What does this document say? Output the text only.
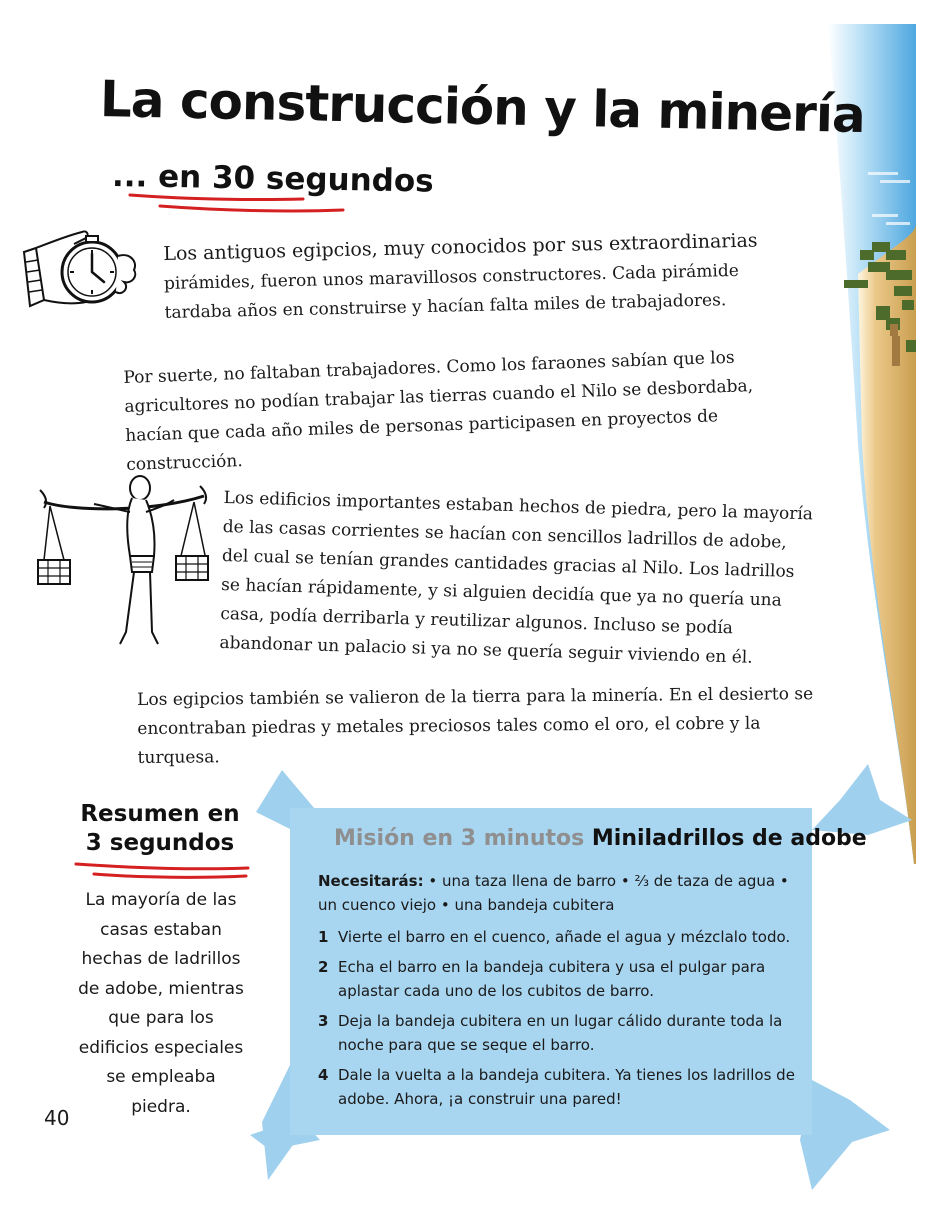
La construcción y la minería
... en 30 segundos

Los antiguos egipcios, muy conocidos por sus extraordinarias pirámides, fueron unos maravillosos constructores. Cada pirámide tardaba años en construirse y hacían falta miles de trabajadores.

Por suerte, no faltaban trabajadores. Como los faraones sabían que los agricultores no podían trabajar las tierras cuando el Nilo se desbordaba, hacían que cada año miles de personas participasen en proyectos de construcción.

Los edificios importantes estaban hechos de piedra, pero la mayoría de las casas corrientes se hacían con sencillos ladrillos de adobe, del cual se tenían grandes cantidades gracias al Nilo. Los ladrillos se hacían rápidamente, y si alguien decidía que ya no quería una casa, podía derribarla y reutilizar algunos. Incluso se podía abandonar un palacio si ya no se quería seguir viviendo en él.

Los egipcios también se valieron de la tierra para la minería. En el desierto se encontraban piedras y metales preciosos tales como el oro, el cobre y la turquesa.

Resumen en
3 segundos

La mayoría de las casas estaban hechas de ladrillos de adobe, mientras que para los edificios especiales se empleaba piedra.

40
Misión en 3 minutos Miniladrillos de adobe

Necesitarás: • una taza llena de barro • ⅔ de taza de agua • un cuenco viejo • una bandeja cubitera

1 Vierte el barro en el cuenco, añade el agua y mézclalo todo.
2 Echa el barro en la bandeja cubitera y usa el pulgar para aplastar cada uno de los cubitos de barro.
3 Deja la bandeja cubitera en un lugar cálido durante toda la noche para que se seque el barro.
4 Dale la vuelta a la bandeja cubitera. Ya tienes los ladrillos de adobe. Ahora, ¡a construir una pared!
